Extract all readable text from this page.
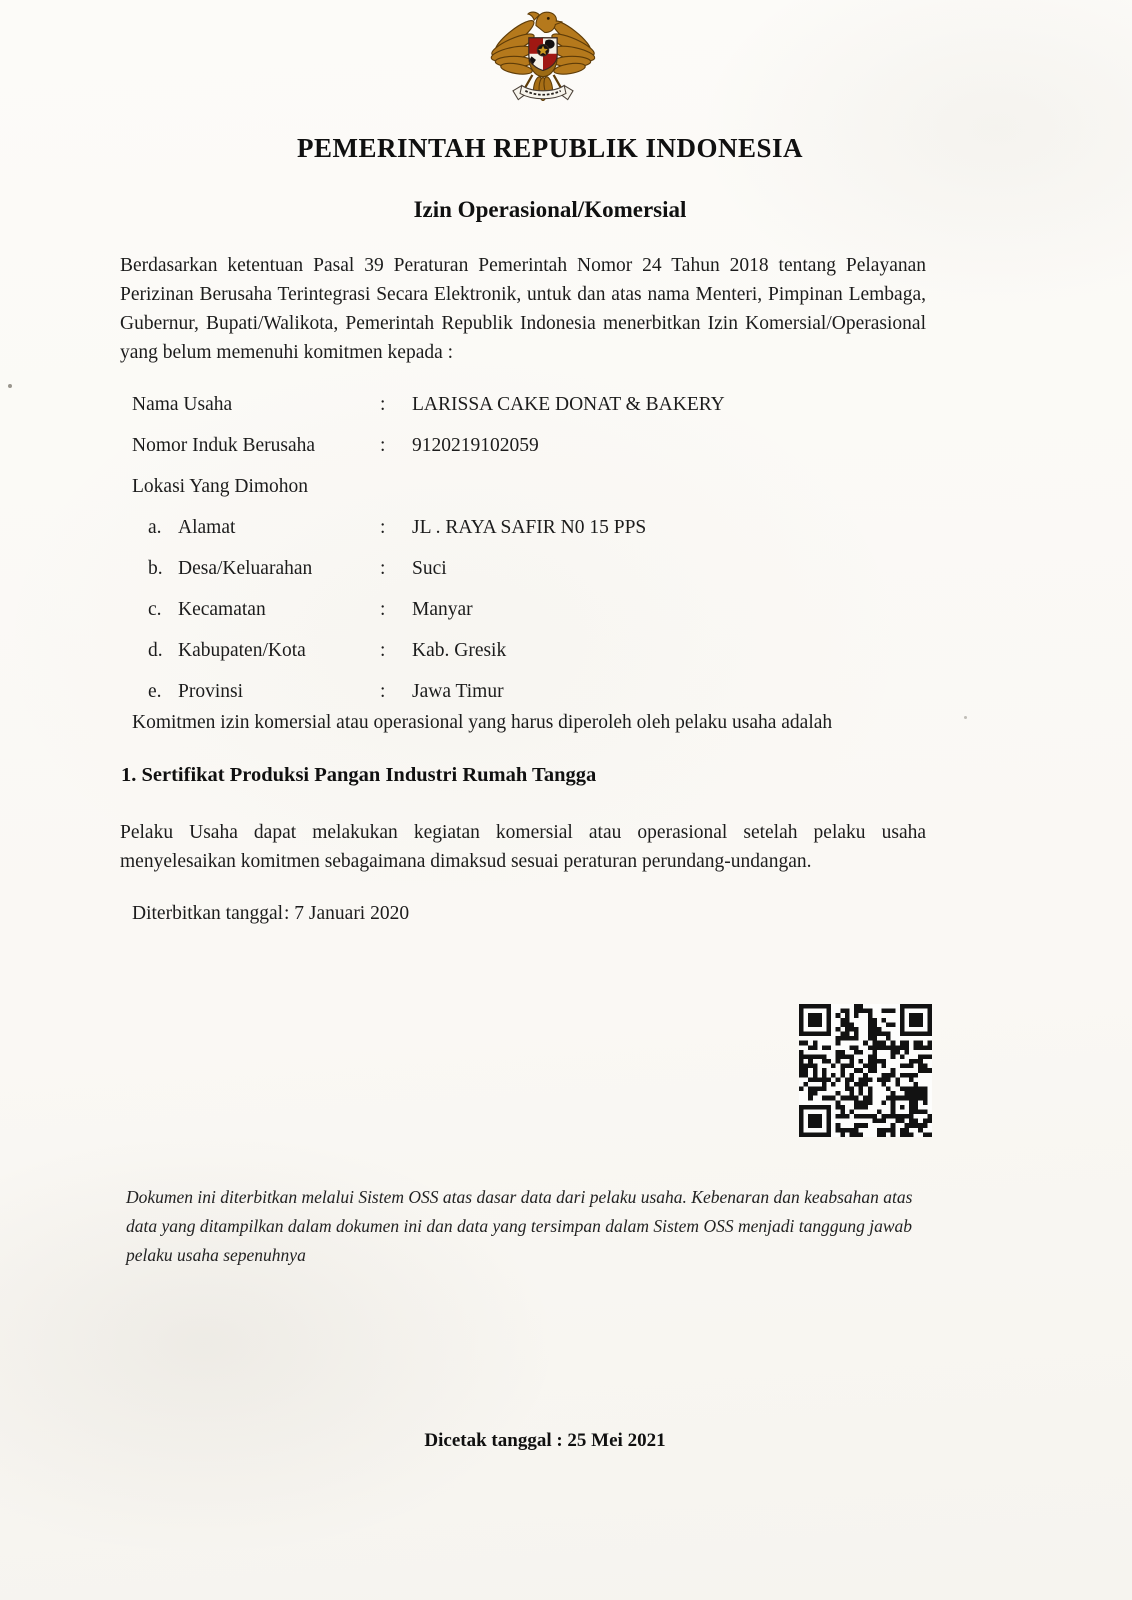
PEMERINTAH REPUBLIK INDONESIA
Izin Operasional/Komersial
Berdasarkan ketentuan Pasal 39 Peraturan Pemerintah Nomor 24 Tahun 2018 tentang Pelayanan Perizinan Berusaha Terintegrasi Secara Elektronik, untuk dan atas nama Menteri, Pimpinan Lembaga, Gubernur, Bupati/Walikota, Pemerintah Republik Indonesia menerbitkan Izin Komersial/Operasional yang belum memenuhi komitmen kepada :
Nama Usaha	:	LARISSA CAKE DONAT & BAKERY
Nomor Induk Berusaha	:	9120219102059
Lokasi Yang Dimohon
a. Alamat	:	JL . RAYA SAFIR N0 15 PPS
b. Desa/Keluarahan	:	Suci
c. Kecamatan	:	Manyar
d. Kabupaten/Kota	:	Kab. Gresik
e. Provinsi	:	Jawa Timur
Komitmen izin komersial atau operasional yang harus diperoleh oleh pelaku usaha adalah
1. Sertifikat Produksi Pangan Industri Rumah Tangga
Pelaku Usaha dapat melakukan kegiatan komersial atau operasional setelah pelaku usaha menyelesaikan komitmen sebagaimana dimaksud sesuai peraturan perundang-undangan.
Diterbitkan tanggal : 7 Januari 2020
Dokumen ini diterbitkan melalui Sistem OSS atas dasar data dari pelaku usaha. Kebenaran dan keabsahan atas data yang ditampilkan dalam dokumen ini dan data yang tersimpan dalam Sistem OSS menjadi tanggung jawab pelaku usaha sepenuhnya
Dicetak tanggal : 25 Mei 2021
